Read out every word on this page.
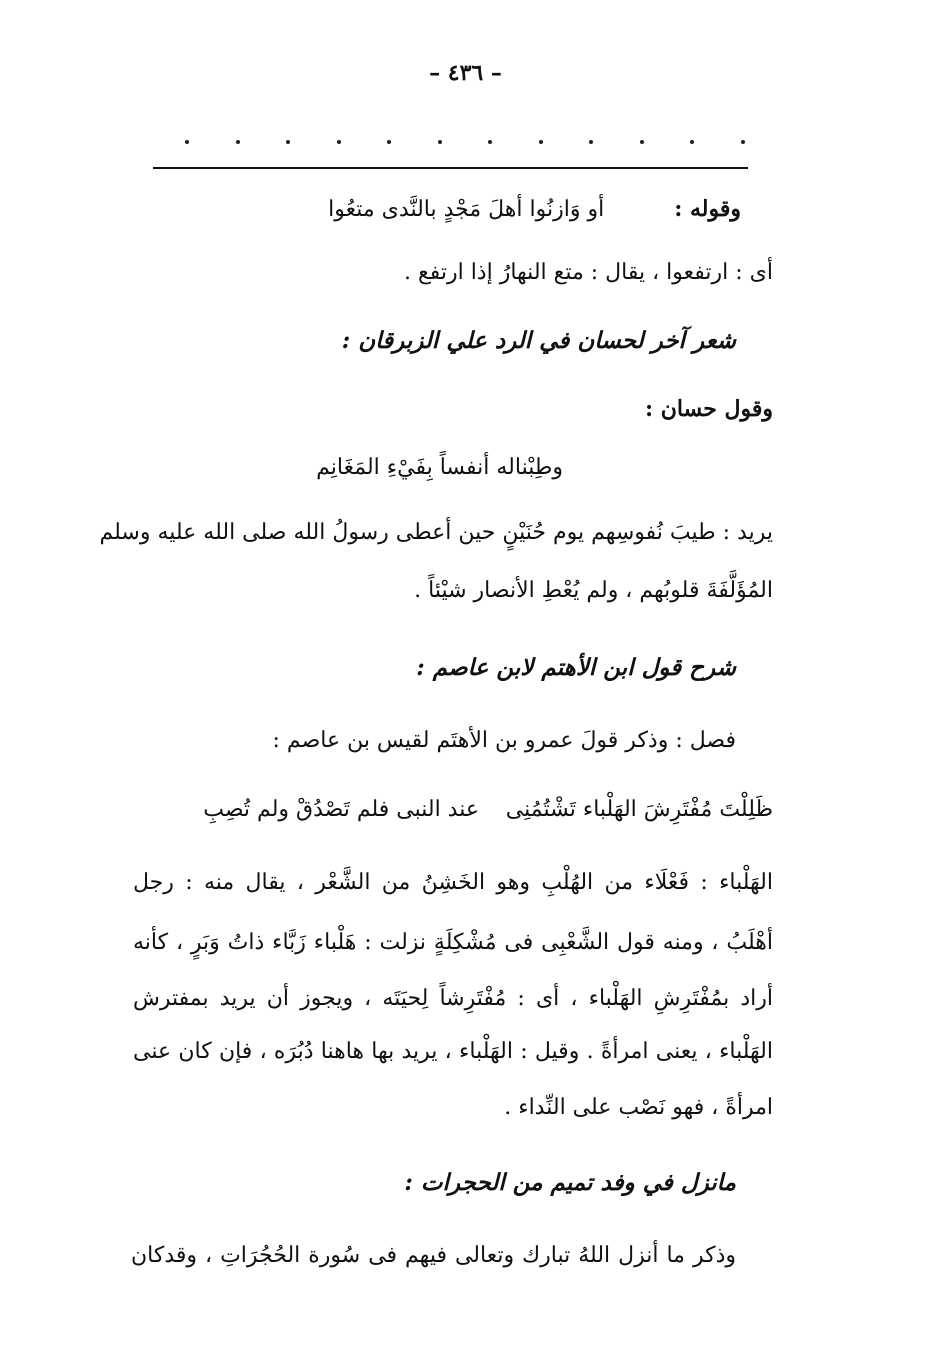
– ٤٣٦ –
وقوله :أو وَازنُوا أهلَ مَجْدٍ بالنَّدى متعُوا
أى : ارتفعوا ، يقال : متع النهارُ إذا ارتفع .
شعر آخر لحسان في الرد علي الزبرقان :
وقول حسان :
وطِبْناله أنفساً بِفَيْءِ المَغَانِم
يريد : طيبَ نُفوسِهم يوم حُنَيْنٍ حين أعطى رسولُ الله صلى الله عليه وسلم
المُؤَلَّفَةَ قلوبُهم ، ولم يُعْطِ الأنصار شيْئاً .
شرح قول ابن الأهتم لابن عاصم :
فصل : وذكر قولَ عمرو بن الأهتَم لقيس بن عاصم :
ظَلِلْتَ مُفْتَرِشَ الهَلْباء تَشْتُمُنِى
عند النبى فلم تَصْدُقْ ولم تُصِبِ
الهَلْباء : فَعْلَاء من الهُلْبِ وهو الخَشِنُ من الشَّعْر ، يقال منه : رجل
أهْلَبُ ، ومنه قول الشَّعْبِى فى مُشْكِلَةٍ نزلت : هَلْباء زَبَّاء ذاتُ وَبَرٍ ، كأنه
أراد بمُفْتَرِشِ الهَلْباء ، أى : مُفْتَرِشاً لِحيَتَه ، ويجوز أن يريد بمفترش
الهَلْباء ، يعنى امرأةً . وقيل : الهَلْباء ، يريد بها هاهنا دُبُرَه ، فإن كان عنى
امرأةً ، فهو نَصْب على النِّداء .
مانزل في وفد تميم من الحجرات :
وذكر ما أنزل اللهُ تبارك وتعالى فيهم فى سُورة الحُجُرَاتِ ، وقدكان
